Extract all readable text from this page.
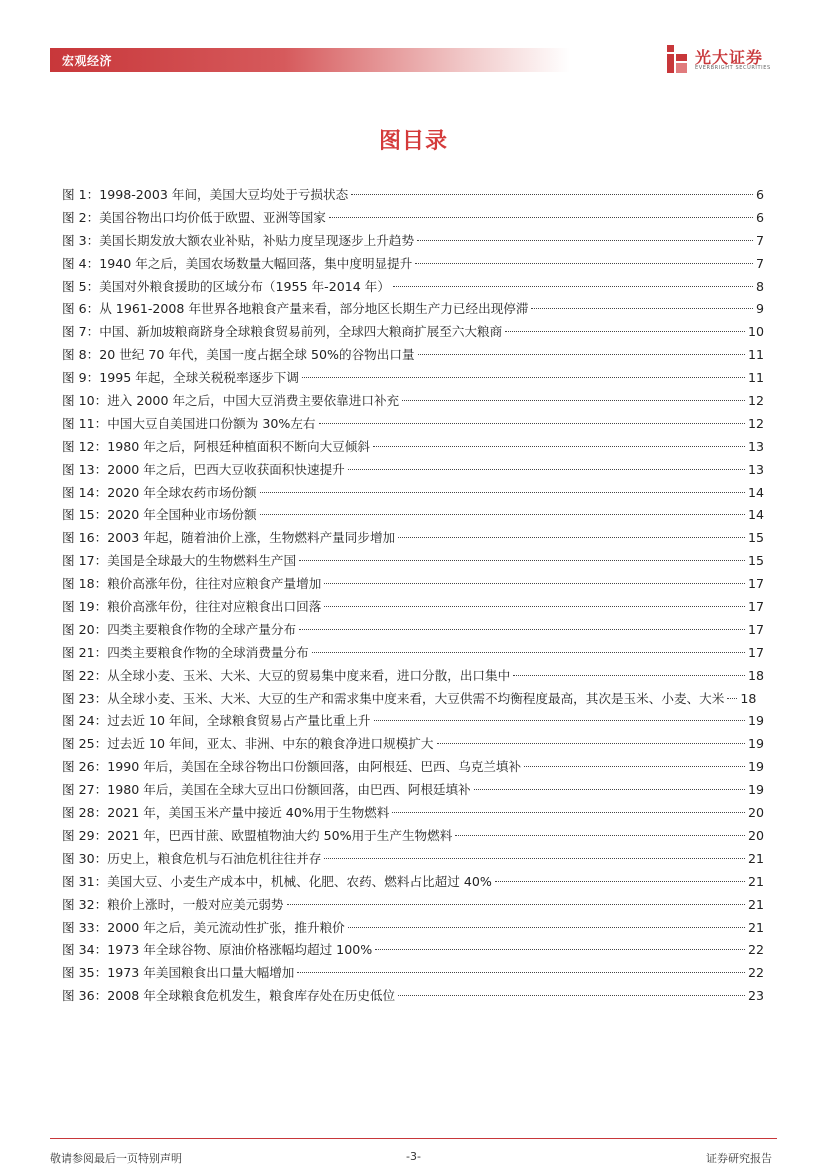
宏观经济	光大证券
EVERBRIGHT SECURITIES
图目录
图 1：1998-2003 年间，美国大豆均处于亏损状态	6
图 2：美国谷物出口均价低于欧盟、亚洲等国家	6
图 3：美国长期发放大额农业补贴，补贴力度呈现逐步上升趋势	7
图 4：1940 年之后，美国农场数量大幅回落，集中度明显提升	7
图 5：美国对外粮食援助的区域分布（1955 年-2014 年）	8
图 6：从 1961-2008 年世界各地粮食产量来看，部分地区长期生产力已经出现停滞	9
图 7：中国、新加坡粮商跻身全球粮食贸易前列，全球四大粮商扩展至六大粮商	10
图 8：20 世纪 70 年代，美国一度占据全球 50%的谷物出口量	11
图 9：1995 年起，全球关税税率逐步下调	11
图 10：进入 2000 年之后，中国大豆消费主要依靠进口补充	12
图 11：中国大豆自美国进口份额为 30%左右	12
图 12：1980 年之后，阿根廷种植面积不断向大豆倾斜	13
图 13：2000 年之后，巴西大豆收获面积快速提升	13
图 14：2020 年全球农药市场份额	14
图 15：2020 年全国种业市场份额	14
图 16：2003 年起，随着油价上涨，生物燃料产量同步增加	15
图 17：美国是全球最大的生物燃料生产国	15
图 18：粮价高涨年份，往往对应粮食产量增加	17
图 19：粮价高涨年份，往往对应粮食出口回落	17
图 20：四类主要粮食作物的全球产量分布	17
图 21：四类主要粮食作物的全球消费量分布	17
图 22：从全球小麦、玉米、大米、大豆的贸易集中度来看，进口分散，出口集中	18
图 23：从全球小麦、玉米、大米、大豆的生产和需求集中度来看，大豆供需不均衡程度最高，其次是玉米、 小麦、大米 18
图 24：过去近 10 年间，全球粮食贸易占产量比重上升	19
图 25：过去近 10 年间，亚太、非洲、中东的粮食净进口规模扩大	19
图 26：1990 年后，美国在全球谷物出口份额回落，由阿根廷、巴西、乌克兰填补	19
图 27：1980 年后，美国在全球大豆出口份额回落，由巴西、阿根廷填补	19
图 28：2021 年，美国玉米产量中接近 40%用于生物燃料	20
图 29：2021 年，巴西甘蔗、欧盟植物油大约 50%用于生产生物燃料	20
图 30：历史上，粮食危机与石油危机往往并存	21
图 31：美国大豆、小麦生产成本中，机械、化肥、农药、燃料占比超过 40%	21
图 32：粮价上涨时，一般对应美元弱势	21
图 33：2000 年之后，美元流动性扩张，推升粮价	21
图 34：1973 年全球谷物、原油价格涨幅均超过 100%	22
图 35：1973 年美国粮食出口量大幅增加	22
图 36：2008 年全球粮食危机发生，粮食库存处在历史低位	23
敬请参阅最后一页特别声明	-3-	证券研究报告
